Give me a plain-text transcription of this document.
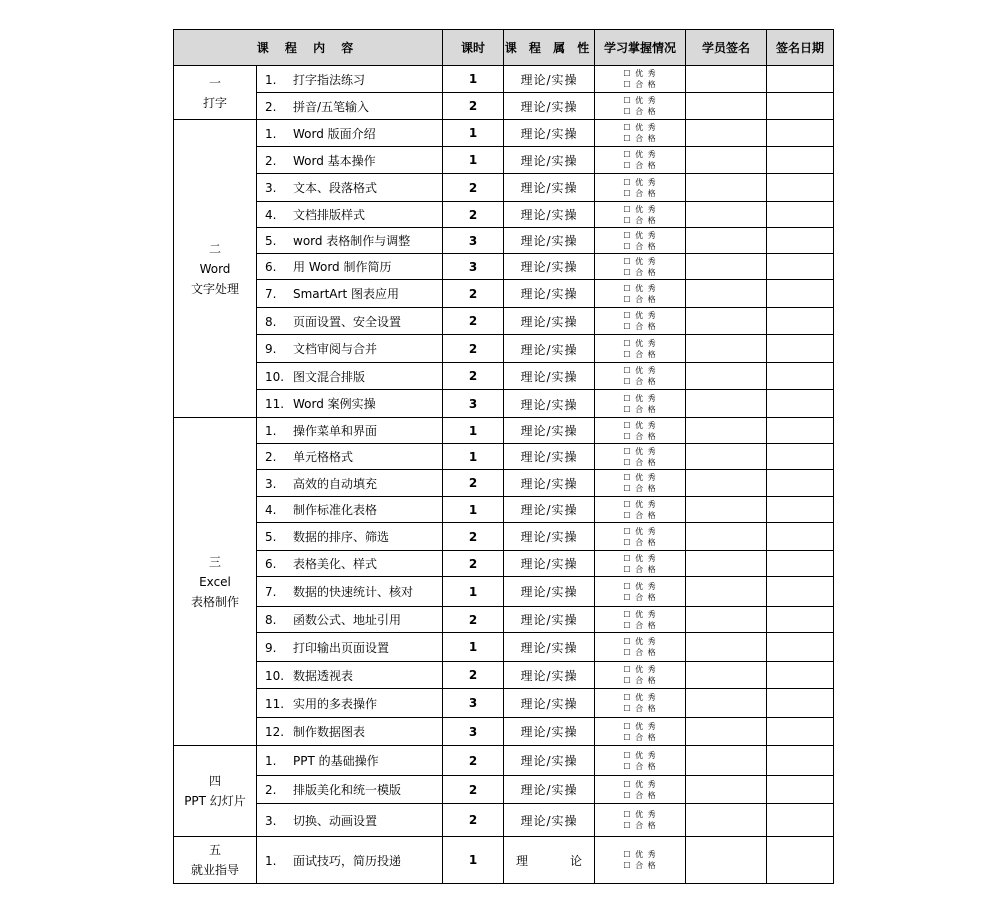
课 程 内 容		课时	课 程 属 性	学习掌握情况	学员签名	签名日期

一
打字	1. 打字指法练习	1	理论/实操	☐ 优 秀
☐ 合 格		

	2. 拼音/五笔输入	2	理论/实操	☐ 优 秀
☐ 合 格		

二
Word
文字处理	1. Word 版面介绍	1	理论/实操	☐ 优 秀
☐ 合 格		

	2. Word 基本操作	1	理论/实操	☐ 优 秀
☐ 合 格		

	3. 文本、段落格式	2	理论/实操	☐ 优 秀
☐ 合 格		

	4. 文档排版样式	2	理论/实操	☐ 优 秀
☐ 合 格		

	5. word 表格制作与调整	3	理论/实操	☐ 优 秀
☐ 合 格		

	6. 用 Word 制作简历	3	理论/实操	☐ 优 秀
☐ 合 格		

	7. SmartArt 图表应用	2	理论/实操	☐ 优 秀
☐ 合 格		

	8. 页面设置、安全设置	2	理论/实操	☐ 优 秀
☐ 合 格		

	9. 文档审阅与合并	2	理论/实操	☐ 优 秀
☐ 合 格		

	10. 图文混合排版	2	理论/实操	☐ 优 秀
☐ 合 格		

	11. Word 案例实操	3	理论/实操	☐ 优 秀
☐ 合 格		

三
Excel
表格制作	1. 操作菜单和界面	1	理论/实操	☐ 优 秀
☐ 合 格		

	2. 单元格格式	1	理论/实操	☐ 优 秀
☐ 合 格		

	3. 高效的自动填充	2	理论/实操	☐ 优 秀
☐ 合 格		

	4. 制作标准化表格	1	理论/实操	☐ 优 秀
☐ 合 格		

	5. 数据的排序、筛选	2	理论/实操	☐ 优 秀
☐ 合 格		

	6. 表格美化、样式	2	理论/实操	☐ 优 秀
☐ 合 格		

	7. 数据的快速统计、核对	1	理论/实操	☐ 优 秀
☐ 合 格		

	8. 函数公式、地址引用	2	理论/实操	☐ 优 秀
☐ 合 格		

	9. 打印输出页面设置	1	理论/实操	☐ 优 秀
☐ 合 格		

	10. 数据透视表	2	理论/实操	☐ 优 秀
☐ 合 格		

	11. 实用的多表操作	3	理论/实操	☐ 优 秀
☐ 合 格		

	12. 制作数据图表	3	理论/实操	☐ 优 秀
☐ 合 格		

四
PPT 幻灯片	1. PPT 的基础操作	2	理论/实操	☐ 优 秀
☐ 合 格		

	2. 排版美化和统一模版	2	理论/实操	☐ 优 秀
☐ 合 格		

	3. 切换、动画设置	2	理论/实操	☐ 优 秀
☐ 合 格		

五
就业指导	1. 面试技巧，简历投递	1	理 论	☐ 优 秀
☐ 合 格		
